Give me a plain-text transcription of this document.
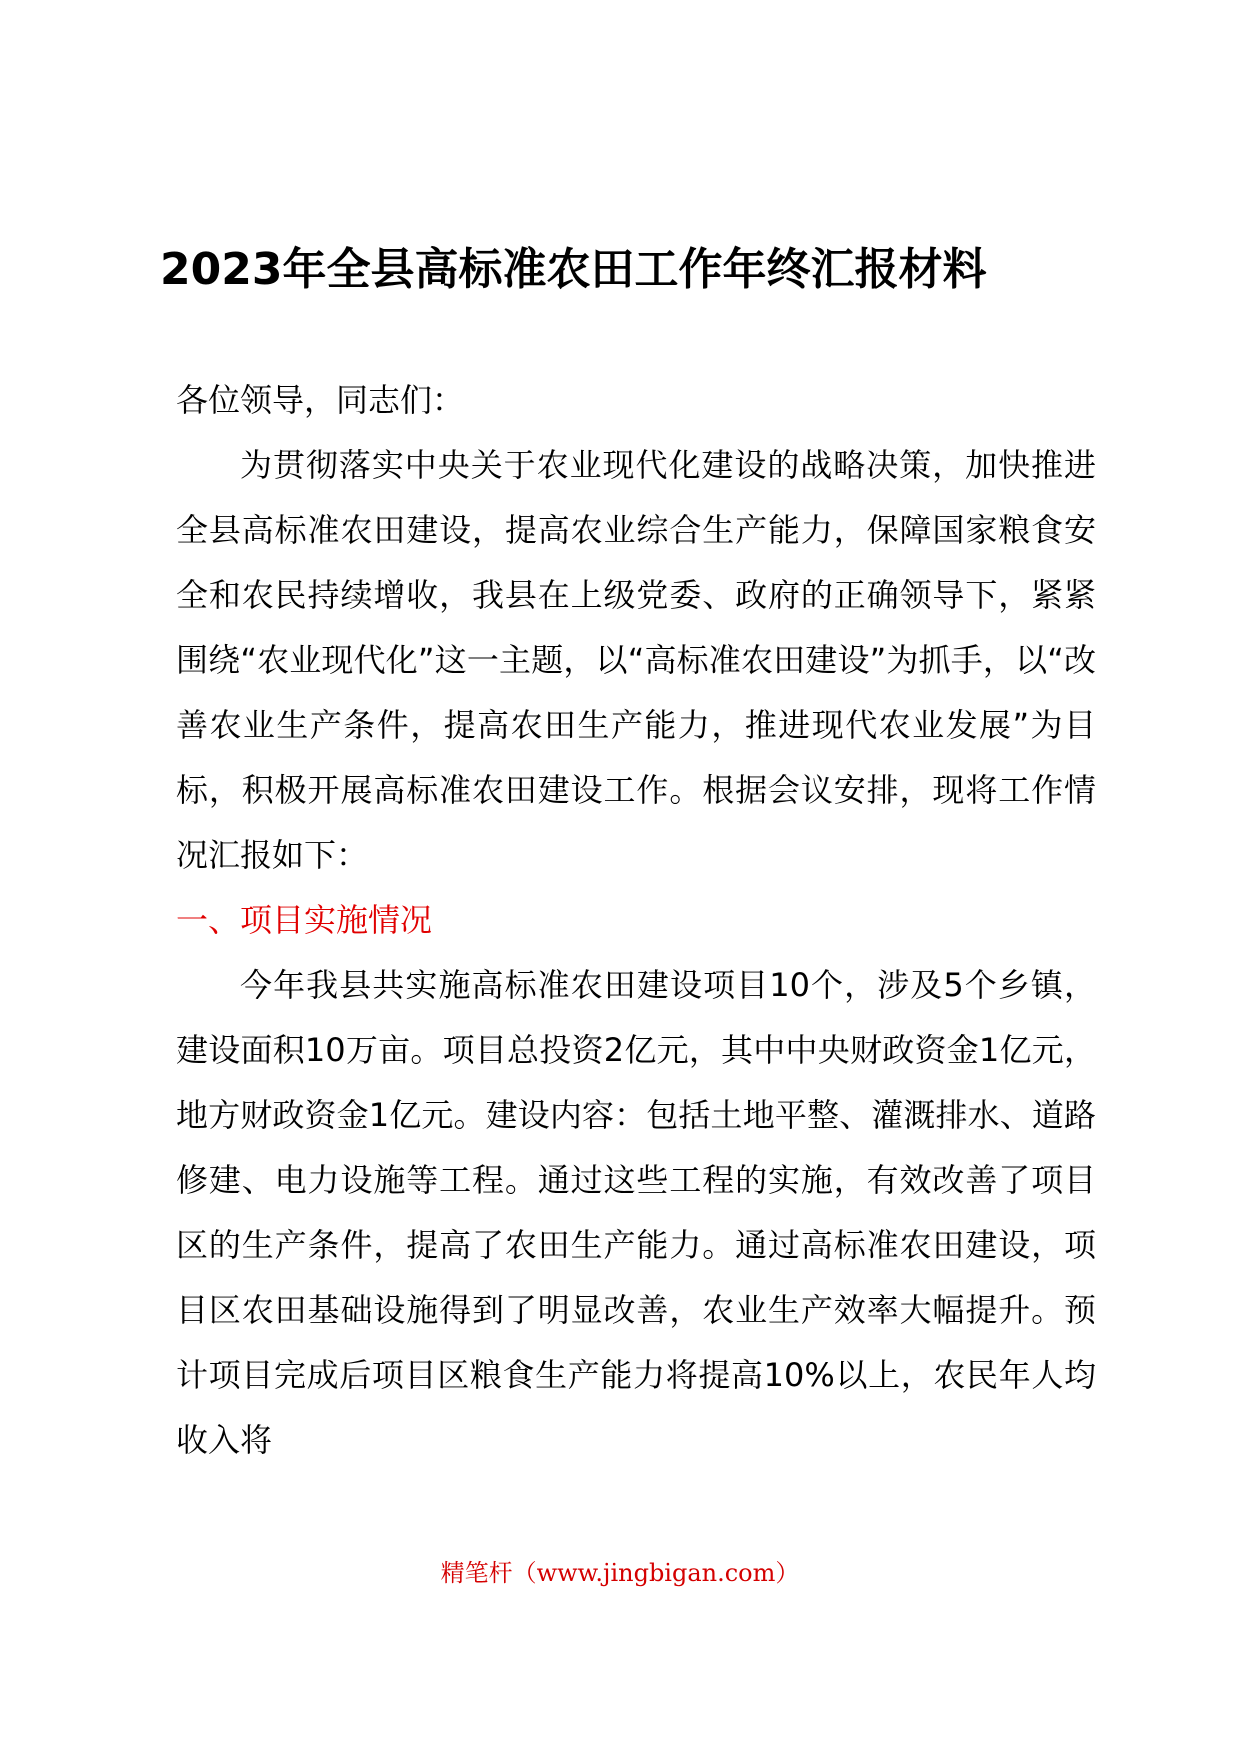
2023年全县高标准农田工作年终汇报材料

各位领导，同志们：

为贯彻落实中央关于农业现代化建设的战略决策，加快推进全县高标准农田建设，提高农业综合生产能力，保障国家粮食安全和农民持续增收，我县在上级党委、政府的正确领导下，紧紧围绕“农业现代化”这一主题，以“高标准农田建设”为抓手，以“改善农业生产条件，提高农田生产能力，推进现代农业发展”为目标，积极开展高标准农田建设工作。根据会议安排，现将工作情况汇报如下：

一、项目实施情况

今年我县共实施高标准农田建设项目10个，涉及5个乡镇，建设面积10万亩。项目总投资2亿元，其中中央财政资金1亿元，地方财政资金1亿元。建设内容：包括土地平整、灌溉排水、道路修建、电力设施等工程。通过这些工程的实施，有效改善了项目区的生产条件，提高了农田生产能力。通过高标准农田建设，项目区农田基础设施得到了明显改善，农业生产效率大幅提升。预计项目完成后项目区粮食生产能力将提高10%以上，农民年人均收入将

精笔杆（www.jingbigan.com）
